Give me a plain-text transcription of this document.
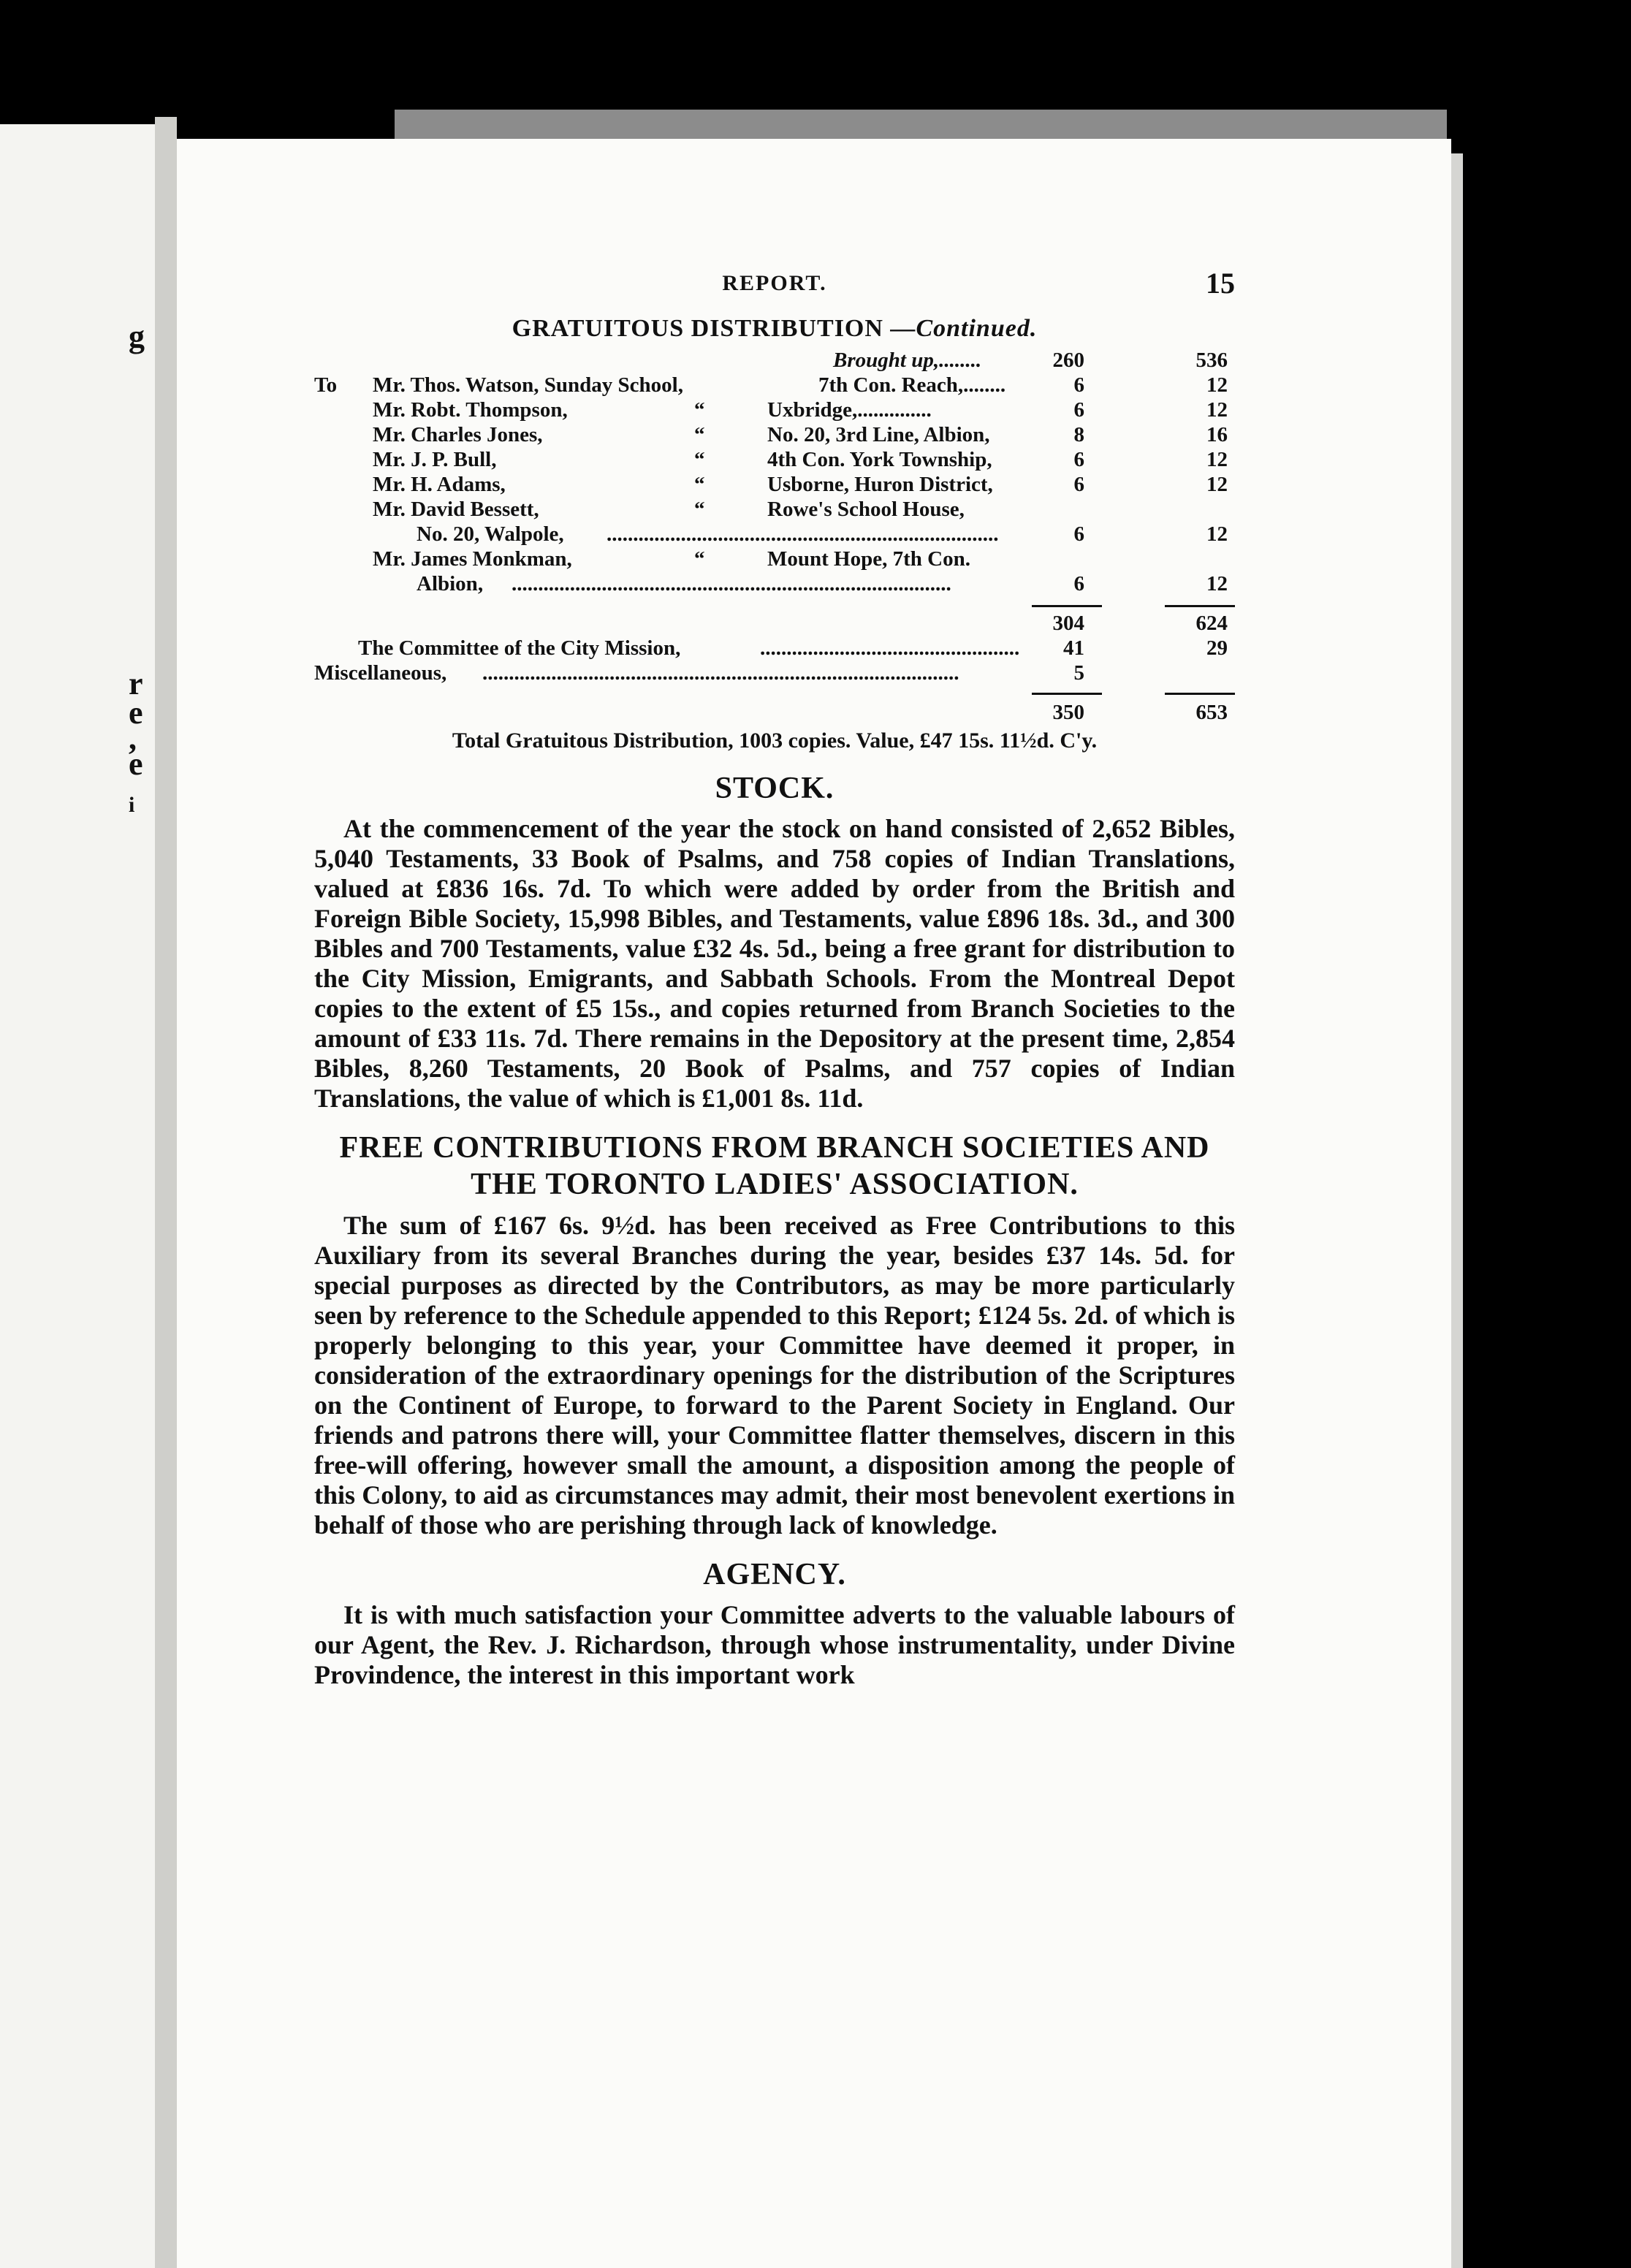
g
r
e
,
e
i
REPORT.	15
GRATUITOUS DISTRIBUTION —Continued.
Brought up,........	260	536
To Mr. Thos. Watson, Sunday School,	7th Con. Reach,........	6	12
Mr. Robt. Thompson,	“	Uxbridge,..............	6	12
Mr. Charles Jones,	“	No. 20, 3rd Line, Albion,	8	16
Mr. J. P. Bull,	“	4th Con. York Township,	6	12
Mr. H. Adams,	“	Usborne, Huron District,	6	12
Mr. David Bessett,	“	Rowe's School House,
No. 20, Walpole, ..........................................................................	6	12
Mr. James Monkman,	“	Mount Hope, 7th Con.
Albion, ...................................................................................	6	12
304	624
The Committee of the City Mission,	.................................................	41	29
Miscellaneous, ..........................................................................................	5
350	653
Total Gratuitous Distribution, 1003 copies. Value, £47 15s. 11½d. C'y.
STOCK.

At the commencement of the year the stock on hand consisted of 2,652 Bibles, 5,040 Testaments, 33 Book of Psalms, and 758 copies of Indian Translations, valued at £836 16s. 7d. To which were added by order from the British and Foreign Bible Society, 15,998 Bibles, and Testaments, value £896 18s. 3d., and 300 Bibles and 700 Testaments, value £32 4s. 5d., being a free grant for distribution to the City Mission, Emigrants, and Sabbath Schools. From the Montreal Depot copies to the extent of £5 15s., and copies returned from Branch Societies to the amount of £33 11s. 7d. There remains in the Depository at the present time, 2,854 Bibles, 8,260 Testaments, 20 Book of Psalms, and 757 copies of Indian Translations, the value of which is £1,001 8s. 11d.

FREE CONTRIBUTIONS FROM BRANCH SOCIETIES AND
THE TORONTO LADIES' ASSOCIATION.

The sum of £167 6s. 9½d. has been received as Free Contributions to this Auxiliary from its several Branches during the year, besides £37 14s. 5d. for special purposes as directed by the Contributors, as may be more particularly seen by reference to the Schedule appended to this Report; £124 5s. 2d. of which is properly belonging to this year, your Committee have deemed it proper, in consideration of the extraordinary openings for the distribution of the Scriptures on the Continent of Europe, to forward to the Parent Society in England. Our friends and patrons there will, your Committee flatter themselves, discern in this free-will offering, however small the amount, a disposition among the people of this Colony, to aid as circumstances may admit, their most benevolent exertions in behalf of those who are perishing through lack of knowledge.

AGENCY.

It is with much satisfaction your Committee adverts to the valuable labours of our Agent, the Rev. J. Richardson, through whose instrumentality, under Divine Provindence, the interest in this important work
